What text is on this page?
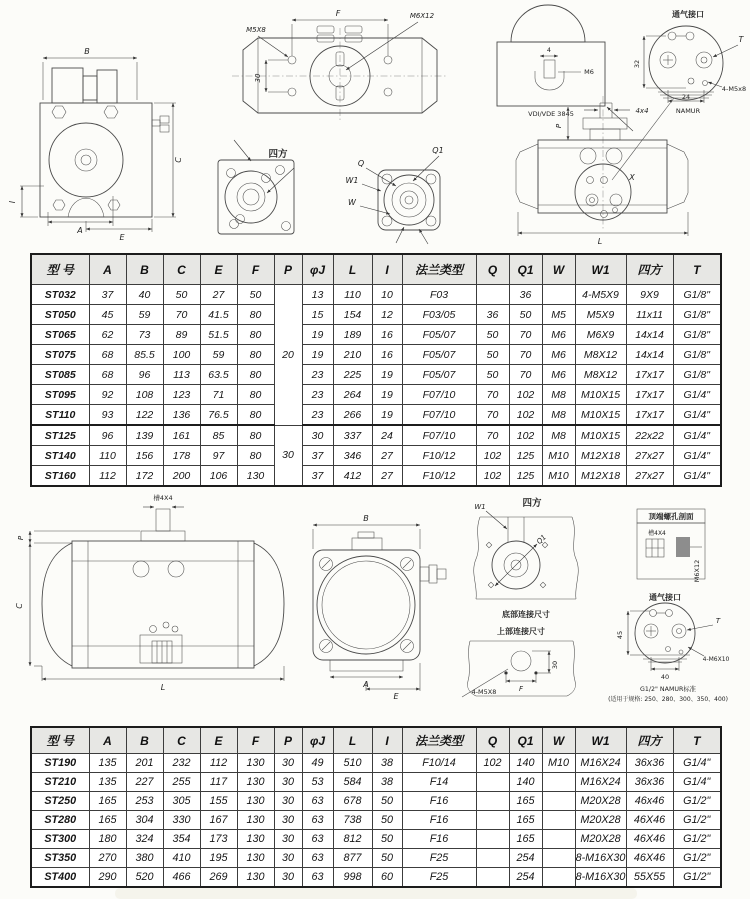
B
I
C
A
E
F
M5X8
M6X12
30
四方
Q
Q1
W1
W
4
M6
VDI/VDE 3845
通气接口
32
24
NAMUR
T
4-M5x8
4x4
P
X
L
型 号	A	B	C	E	F	P	φJ	L	I	法兰类型	Q	Q1	W	W1	四方	T
ST032	37	40	50	27	50	20	13	110	10	F03		36		4-M5X9	9X9	G1/8"
ST050	45	59	70	41.5	80		15	154	12	F03/05	36	50	M5	M5X9	11x11	G1/8"
ST065	62	73	89	51.5	80		19	189	16	F05/07	50	70	M6	M6X9	14x14	G1/8"
ST075	68	85.5	100	59	80		19	210	16	F05/07	50	70	M6	M8X12	14x14	G1/8"
ST085	68	96	113	63.5	80		23	225	19	F05/07	50	70	M6	M8X12	17x17	G1/8"
ST095	92	108	123	71	80		23	264	19	F07/10	70	102	M8	M10X15	17x17	G1/4"
ST110	93	122	136	76.5	80		23	266	19	F07/10	70	102	M8	M10X15	17x17	G1/4"
ST125	96	139	161	85	80	30	30	337	24	F07/10	70	102	M8	M10X15	22x22	G1/4"
ST140	110	156	178	97	80		37	346	27	F10/12	102	125	M10	M12X18	27x27	G1/4"
ST160	112	172	200	106	130		37	412	27	F10/12	102	125	M10	M12X18	27x27	G1/4"
槽4X4
P
C
L
B
A
E
W1	四方
Q1
底部连接尺寸
上部连接尺寸
30
F
4-M5X8
顶端螺孔剖面
槽4X4
M6X12
通气接口
45
T
4-M6X10
40
G1/2" NAMUR标准
(适用于规格: 250、280、300、350、400)
型 号	A	B	C	E	F	P	φJ	L	I	法兰类型	Q	Q1	W	W1	四方	T
ST190	135	201	232	112	130	30	49	510	38	F10/14	102	140	M10	M16X24	36x36	G1/4"
ST210	135	227	255	117	130	30	53	584	38	F14		140		M16X24	36x36	G1/4"
ST250	165	253	305	155	130	30	63	678	50	F16		165		M20X28	46x46	G1/2"
ST280	165	304	330	167	130	30	63	738	50	F16		165		M20X28	46X46	G1/2"
ST300	180	324	354	173	130	30	63	812	50	F16		165		M20X28	46X46	G1/2"
ST350	270	380	410	195	130	30	63	877	50	F25		254		8-M16X30	46X46	G1/2"
ST400	290	520	466	269	130	30	63	998	60	F25		254		8-M16X30	55X55	G1/2"
